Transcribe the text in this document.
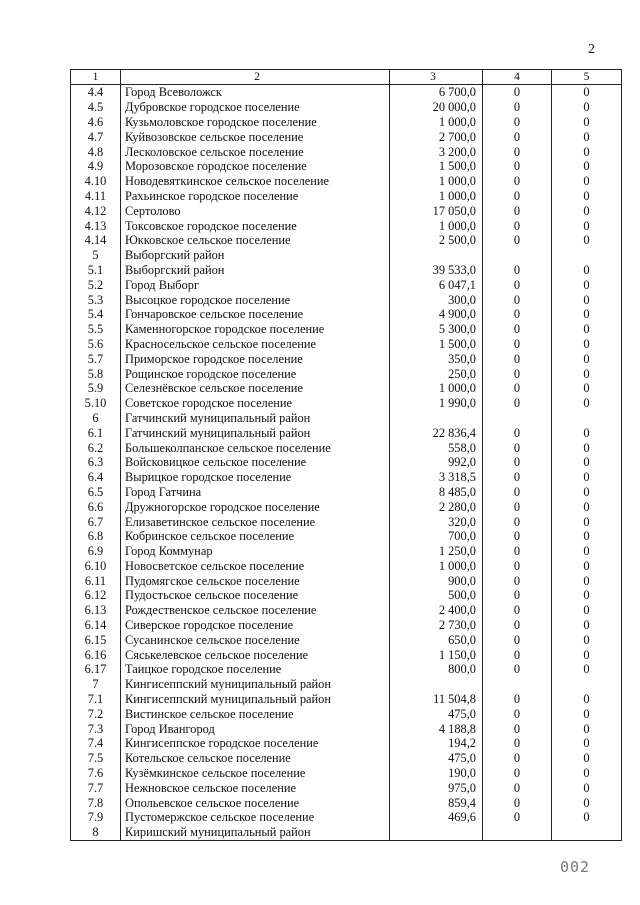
2
1	2	3	4	5
4.4	Город Всеволожск	6 700,0	0	0
4.5	Дубровское городское поселение	20 000,0	0	0
4.6	Кузьмоловское городское поселение	1 000,0	0	0
4.7	Куйвозовское сельское поселение	2 700,0	0	0
4.8	Лесколовское сельское поселение	3 200,0	0	0
4.9	Морозовское городское поселение	1 500,0	0	0
4.10	Новодевяткинское сельское поселение	1 000,0	0	0
4.11	Рахьинское городское поселение	1 000,0	0	0
4.12	Сертолово	17 050,0	0	0
4.13	Токсовское городское поселение	1 000,0	0	0
4.14	Юкковское сельское поселение	2 500,0	0	0
5	Выборгский район			
5.1	Выборгский район	39 533,0	0	0
5.2	Город Выборг	6 047,1	0	0
5.3	Высоцкое городское поселение	300,0	0	0
5.4	Гончаровское сельское поселение	4 900,0	0	0
5.5	Каменногорское городское поселение	5 300,0	0	0
5.6	Красносельское сельское поселение	1 500,0	0	0
5.7	Приморское городское поселение	350,0	0	0
5.8	Рощинское городское поселение	250,0	0	0
5.9	Селезнёвское сельское поселение	1 000,0	0	0
5.10	Советское городское поселение	1 990,0	0	0
6	Гатчинский муниципальный район			
6.1	Гатчинский муниципальный район	22 836,4	0	0
6.2	Большеколпанское сельское поселение	558,0	0	0
6.3	Войсковицкое сельское поселение	992,0	0	0
6.4	Вырицкое городское поселение	3 318,5	0	0
6.5	Город Гатчина	8 485,0	0	0
6.6	Дружногорское городское поселение	2 280,0	0	0
6.7	Елизаветинское сельское поселение	320,0	0	0
6.8	Кобринское сельское поселение	700,0	0	0
6.9	Город Коммунар	1 250,0	0	0
6.10	Новосветское сельское поселение	1 000,0	0	0
6.11	Пудомягское сельское поселение	900,0	0	0
6.12	Пудостьское сельское поселение	500,0	0	0
6.13	Рождественское сельское поселение	2 400,0	0	0
6.14	Сиверское городское поселение	2 730,0	0	0
6.15	Сусанинское сельское поселение	650,0	0	0
6.16	Сяськелевское сельское поселение	1 150,0	0	0
6.17	Таицкое городское поселение	800,0	0	0
7	Кингисеппский муниципальный район			
7.1	Кингисеппский муниципальный район	11 504,8	0	0
7.2	Вистинское сельское поселение	475,0	0	0
7.3	Город Ивангород	4 188,8	0	0
7.4	Кингисеппское городское поселение	194,2	0	0
7.5	Котельское сельское поселение	475,0	0	0
7.6	Кузёмкинское сельское поселение	190,0	0	0
7.7	Нежновское сельское поселение	975,0	0	0
7.8	Опольевское сельское поселение	859,4	0	0
7.9	Пустомержское сельское поселение	469,6	0	0
8	Киришский муниципальный район			
002
